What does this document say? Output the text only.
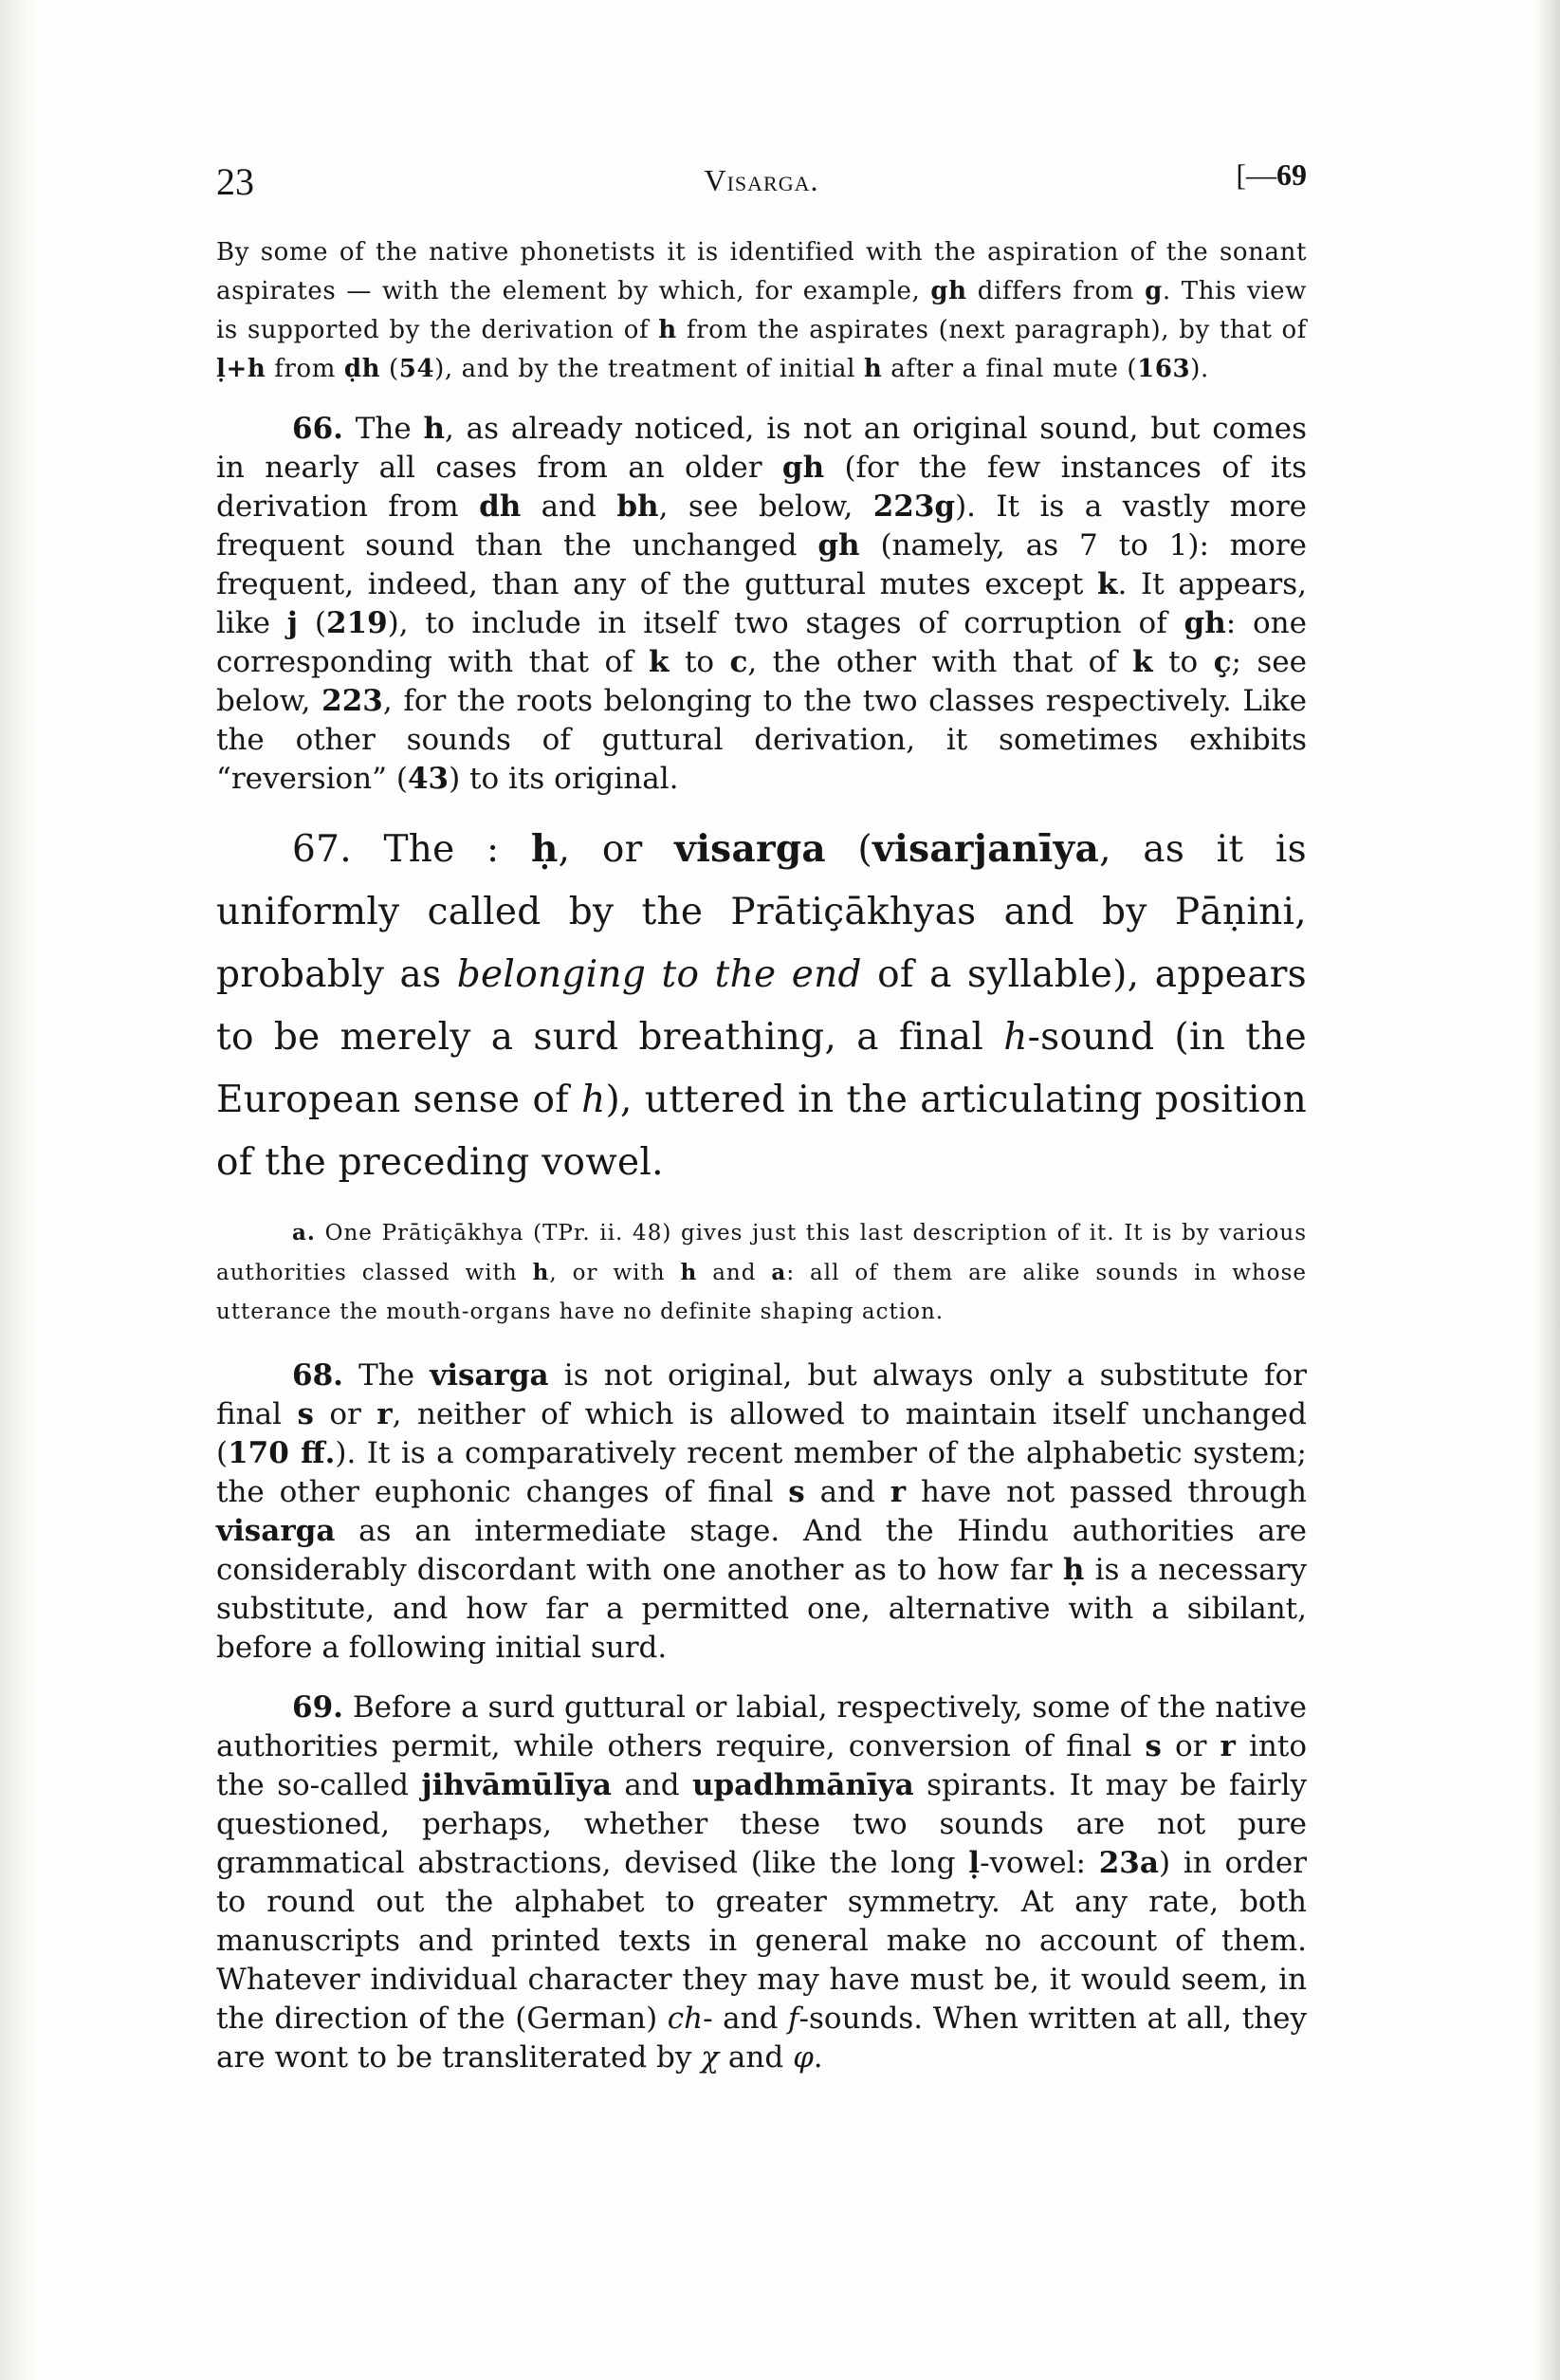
23	Visarga.	[—69

By some of the native phonetists it is identified with the aspiration of the sonant aspirates — with the element by which, for example, gh differs from g. This view is supported by the derivation of h from the aspirates (next paragraph), by that of ḷ+h from ḍh (54), and by the treatment of initial h after a final mute (163).

66. The h, as already noticed, is not an original sound, but comes in nearly all cases from an older gh (for the few instances of its derivation from dh and bh, see below, 223g). It is a vastly more frequent sound than the unchanged gh (namely, as 7 to 1): more frequent, indeed, than any of the guttural mutes except k. It appears, like j (219), to include in itself two stages of corruption of gh: one corresponding with that of k to c, the other with that of k to ç; see below, 223, for the roots belonging to the two classes respectively. Like the other sounds of guttural derivation, it sometimes exhibits “reversion” (43) to its original.

67. The : ḥ, or visarga (visarjanīya, as it is uniformly called by the Prātiçākhyas and by Pāṇini, probably as belonging to the end of a syllable), appears to be merely a surd breathing, a final h-sound (in the European sense of h), uttered in the articulating position of the preceding vowel.

a. One Prātiçākhya (TPr. ii. 48) gives just this last description of it. It is by various authorities classed with h, or with h and a: all of them are alike sounds in whose utterance the mouth-organs have no definite shaping action.

68. The visarga is not original, but always only a substitute for final s or r, neither of which is allowed to maintain itself unchanged (170 ff.). It is a comparatively recent member of the alphabetic system; the other euphonic changes of final s and r have not passed through visarga as an intermediate stage. And the Hindu authorities are considerably discordant with one another as to how far ḥ is a necessary substitute, and how far a permitted one, alternative with a sibilant, before a following initial surd.

69. Before a surd guttural or labial, respectively, some of the native authorities permit, while others require, conversion of final s or r into the so-called jihvāmūlīya and upadhmānīya spirants. It may be fairly questioned, perhaps, whether these two sounds are not pure grammatical abstractions, devised (like the long ḷ-vowel: 23a) in order to round out the alphabet to greater symmetry. At any rate, both manuscripts and printed texts in general make no account of them. Whatever individual character they may have must be, it would seem, in the direction of the (German) ch- and f-sounds. When written at all, they are wont to be transliterated by χ and φ.
